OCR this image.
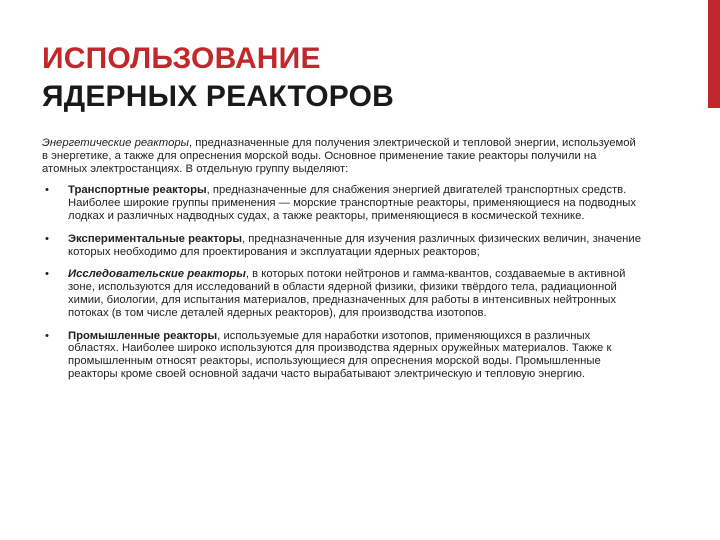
ИСПОЛЬЗОВАНИЕ
ЯДЕРНЫХ РЕАКТОРОВ

Энергетические реакторы, предназначенные для получения электрической и тепловой энергии, используемой в энергетике, а также для опреснения морской воды. Основное применение такие реакторы получили на атомных электростанциях. В отдельную группу выделяют:

• Транспортные реакторы, предназначенные для снабжения энергией двигателей транспортных средств. Наиболее широкие группы применения — морские транспортные реакторы, применяющиеся на подводных лодках и различных надводных судах, а также реакторы, применяющиеся в космической технике.
• Экспериментальные реакторы, предназначенные для изучения различных физических величин, значение которых необходимо для проектирования и эксплуатации ядерных реакторов;
• Исследовательские реакторы, в которых потоки нейтронов и гамма-квантов, создаваемые в активной зоне, используются для исследований в области ядерной физики, физики твёрдого тела, радиационной химии, биологии, для испытания материалов, предназначенных для работы в интенсивных нейтронных потоках (в том числе деталей ядерных реакторов), для производства изотопов.
• Промышленные реакторы, используемые для наработки изотопов, применяющихся в различных областях. Наиболее широко используются для производства ядерных оружейных материалов. Также к промышленным относят реакторы, использующиеся для опреснения морской воды. Промышленные реакторы кроме своей основной задачи часто вырабатывают электрическую и тепловую энергию.
